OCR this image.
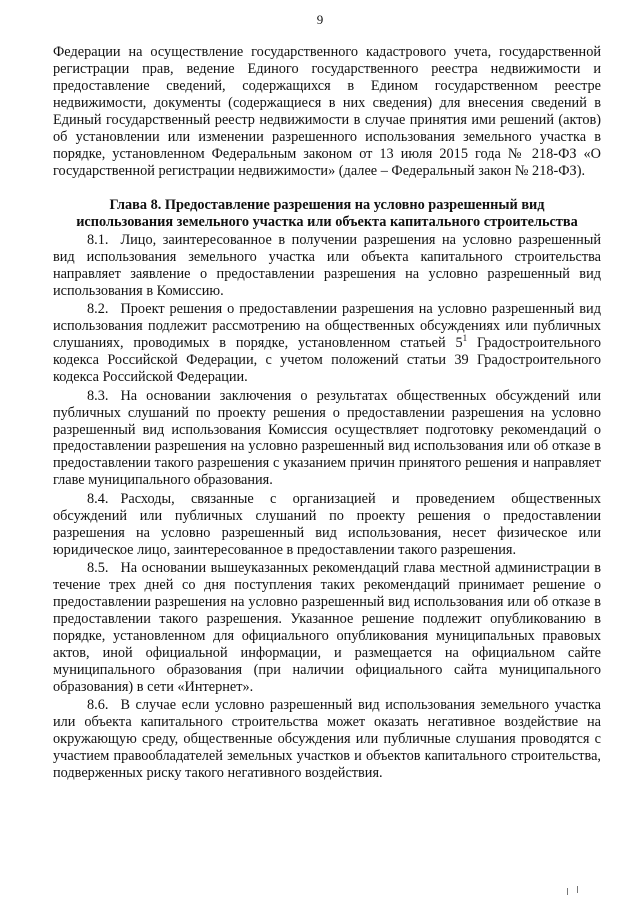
9

Федерации на осуществление государственного кадастрового учета, государственной регистрации прав, ведение Единого государственного реестра недвижимости и предоставление сведений, содержащихся в Едином государственном реестре недвижимости, документы (содержащиеся в них сведения) для внесения сведений в Единый государственный реестр недвижимости в случае принятия ими решений (актов) об установлении или изменении разрешенного использования земельного участка в порядке, установленном Федеральным законом от 13 июля 2015 года № 218-ФЗ «О государственной регистрации недвижимости» (далее – Федеральный закон № 218-ФЗ).

Глава 8. Предоставление разрешения на условно разрешенный вид
использования земельного участка или объекта капитального строительства

8.1. Лицо, заинтересованное в получении разрешения на условно разрешенный вид использования земельного участка или объекта капитального строительства направляет заявление о предоставлении разрешения на условно разрешенный вид использования в Комиссию.

8.2. Проект решения о предоставлении разрешения на условно разрешенный вид использования подлежит рассмотрению на общественных обсуждениях или публичных слушаниях, проводимых в порядке, установленном статьей $5^1$ Градостроительного кодекса Российской Федерации, с учетом положений статьи 39 Градостроительного кодекса Российской Федерации.

8.3. На основании заключения о результатах общественных обсуждений или публичных слушаний по проекту решения о предоставлении разрешения на условно разрешенный вид использования Комиссия осуществляет подготовку рекомендаций о предоставлении разрешения на условно разрешенный вид использования или об отказе в предоставлении такого разрешения с указанием причин принятого решения и направляет главе муниципального образования.

8.4. Расходы, связанные с организацией и проведением общественных обсуждений или публичных слушаний по проекту решения о предоставлении разрешения на условно разрешенный вид использования, несет физическое или юридическое лицо, заинтересованное в предоставлении такого разрешения.

8.5. На основании вышеуказанных рекомендаций глава местной администрации в течение трех дней со дня поступления таких рекомендаций принимает решение о предоставлении разрешения на условно разрешенный вид использования или об отказе в предоставлении такого разрешения. Указанное решение подлежит опубликованию в порядке, установленном для официального опубликования муниципальных правовых актов, иной официальной информации, и размещается на официальном сайте муниципального образования (при наличии официального сайта муниципального образования) в сети «Интернет».

8.6. В случае если условно разрешенный вид использования земельного участка или объекта капитального строительства может оказать негативное воздействие на окружающую среду, общественные обсуждения или публичные слушания проводятся с участием правообладателей земельных участков и объектов капитального строительства, подверженных риску такого негативного воздействия.
